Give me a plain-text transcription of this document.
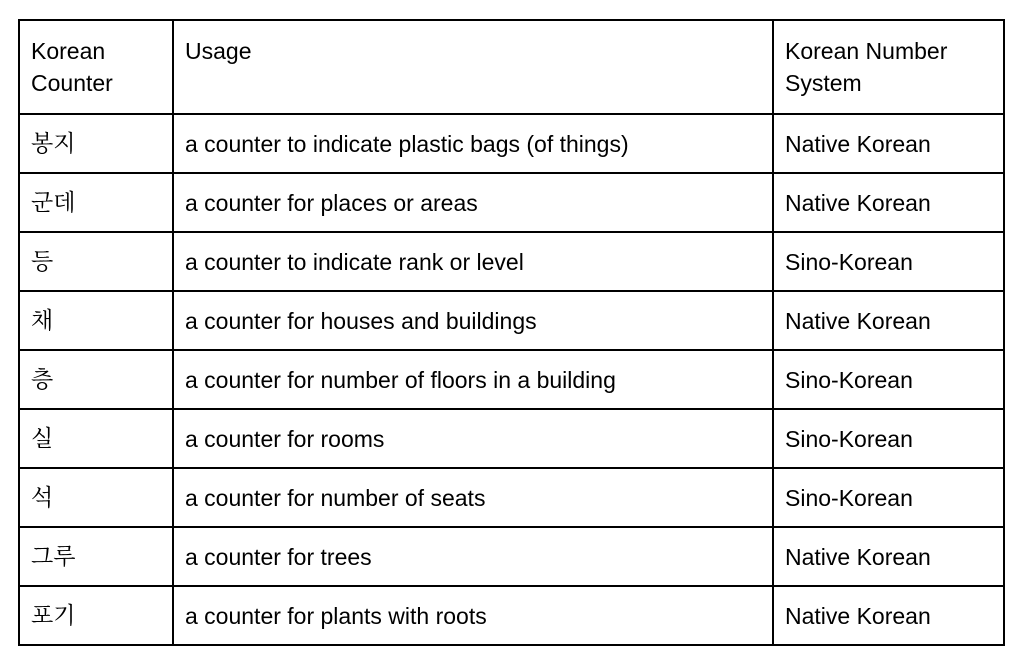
Korean Counter	Usage	Korean Number System
봉지	a counter to indicate plastic bags (of things)	Native Korean
군데	a counter for places or areas	Native Korean
등	a counter to indicate rank or level	Sino-Korean
채	a counter for houses and buildings	Native Korean
층	a counter for number of floors in a building	Sino-Korean
실	a counter for rooms	Sino-Korean
석	a counter for number of seats	Sino-Korean
그루	a counter for trees	Native Korean
포기	a counter for plants with roots	Native Korean
